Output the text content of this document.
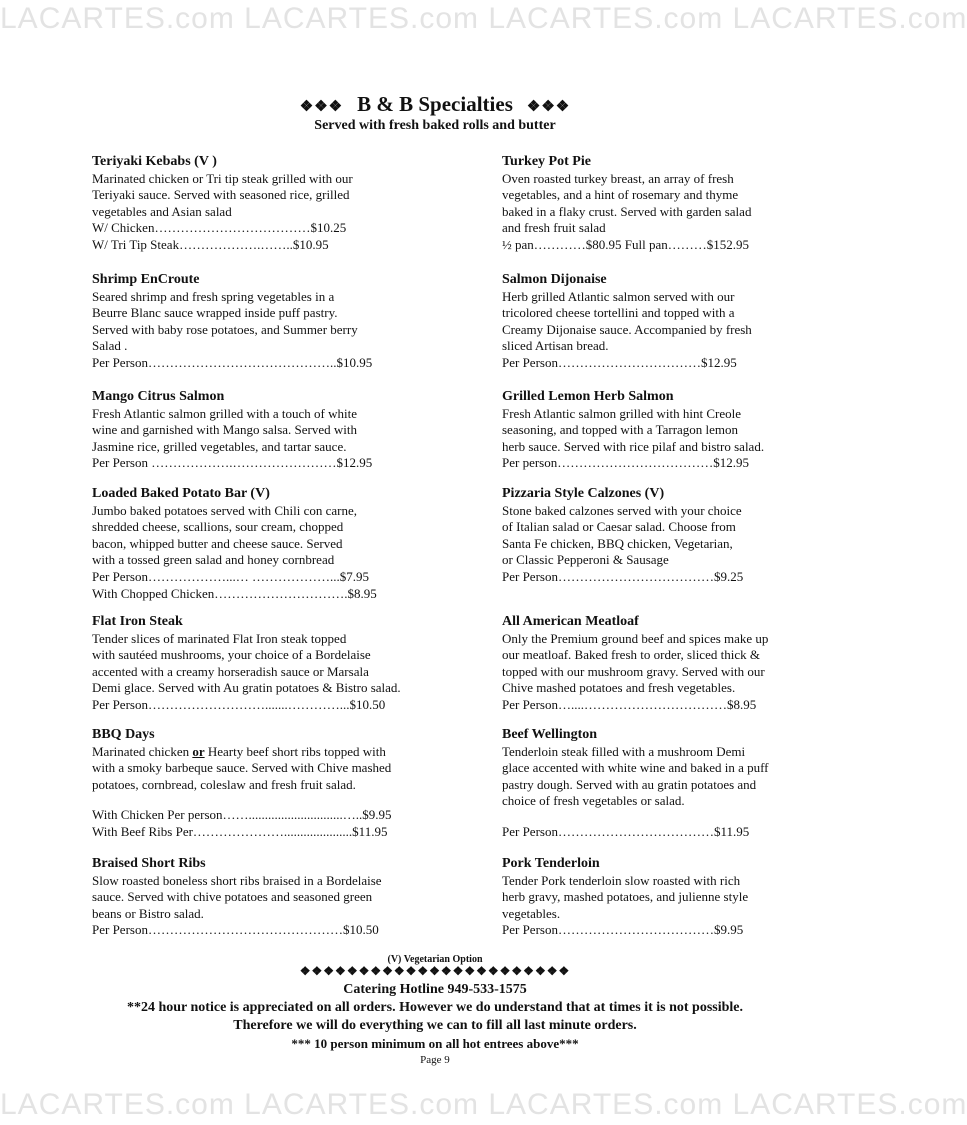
LACARTES.com LACARTES.com LACARTES.com LACARTES.com
❖❖❖ B & B Specialties ❖❖❖
Served with fresh baked rolls and butter
Teriyaki Kebabs (V )
Marinated chicken or Tri tip steak grilled with our
Teriyaki sauce. Served with seasoned rice, grilled
vegetables and Asian salad
W/ Chicken………………………………$10.25
W/ Tri Tip Steak……………….……..$10.95
Turkey Pot Pie
Oven roasted turkey breast, an array of fresh
vegetables, and a hint of rosemary and thyme
baked in a flaky crust. Served with garden salad
and fresh fruit salad
½ pan…………$80.95 Full pan………$152.95
Shrimp EnCroute
Seared shrimp and fresh spring vegetables in a
Beurre Blanc sauce wrapped inside puff pastry.
Served with baby rose potatoes, and Summer berry
Salad .
Per Person……………………………………..$10.95
Salmon Dijonaise
Herb grilled Atlantic salmon served with our
tricolored cheese tortellini and topped with a
Creamy Dijonaise sauce. Accompanied by fresh
sliced Artisan bread.
Per Person……………………………$12.95
Mango Citrus Salmon
Fresh Atlantic salmon grilled with a touch of white
wine and garnished with Mango salsa. Served with
Jasmine rice, grilled vegetables, and tartar sauce.
Per Person ……………….……………………$12.95
Grilled Lemon Herb Salmon
Fresh Atlantic salmon grilled with hint Creole
seasoning, and topped with a Tarragon lemon
herb sauce. Served with rice pilaf and bistro salad.
Per person………………………………$12.95
Loaded Baked Potato Bar (V)
Jumbo baked potatoes served with Chili con carne,
shredded cheese, scallions, sour cream, chopped
bacon, whipped butter and cheese sauce. Served
with a tossed green salad and honey cornbread
Per Person………………...… ………………...$7.95
With Chopped Chicken………………………….$8.95
Pizzaria Style Calzones (V)
Stone baked calzones served with your choice
of Italian salad or Caesar salad. Choose from
Santa Fe chicken, BBQ chicken, Vegetarian,
or Classic Pepperoni & Sausage
Per Person………………………………$9.25
Flat Iron Steak
Tender slices of marinated Flat Iron steak topped
with sautéed mushrooms, your choice of a Bordelaise
accented with a creamy horseradish sauce or Marsala
Demi glace. Served with Au gratin potatoes & Bistro salad.
Per Person……………………….......…………...$10.50
All American Meatloaf
Only the Premium ground beef and spices make up
our meatloaf. Baked fresh to order, sliced thick &
topped with our mushroom gravy. Served with our
Chive mashed potatoes and fresh vegetables.
Per Person…....……………………………$8.95
BBQ Days
Marinated chicken or Hearty beef short ribs topped with
with a smoky barbeque sauce. Served with Chive mashed
potatoes, cornbread, coleslaw and fresh fruit salad.
With Chicken Per person…….............................…..$9.95
With Beef Ribs Per………………….....................$11.95
Beef Wellington
Tenderloin steak filled with a mushroom Demi
glace accented with white wine and baked in a puff
pastry dough. Served with au gratin potatoes and
choice of fresh vegetables or salad.
Per Person………………………………$11.95
Braised Short Ribs
Slow roasted boneless short ribs braised in a Bordelaise
sauce. Served with chive potatoes and seasoned green
beans or Bistro salad.
Per Person………………………………………$10.50
Pork Tenderloin
Tender Pork tenderloin slow roasted with rich
herb gravy, mashed potatoes, and julienne style
vegetables.
Per Person………………………………$9.95
(V) Vegetarian Option
❖❖❖❖❖❖❖❖❖❖❖❖❖❖❖❖❖❖❖❖❖❖❖
Catering Hotline 949-533-1575
**24 hour notice is appreciated on all orders. However we do understand that at times it is not possible.
Therefore we will do everything we can to fill all last minute orders.
*** 10 person minimum on all hot entrees above***
Page 9
LACARTES.com LACARTES.com LACARTES.com LACARTES.com
